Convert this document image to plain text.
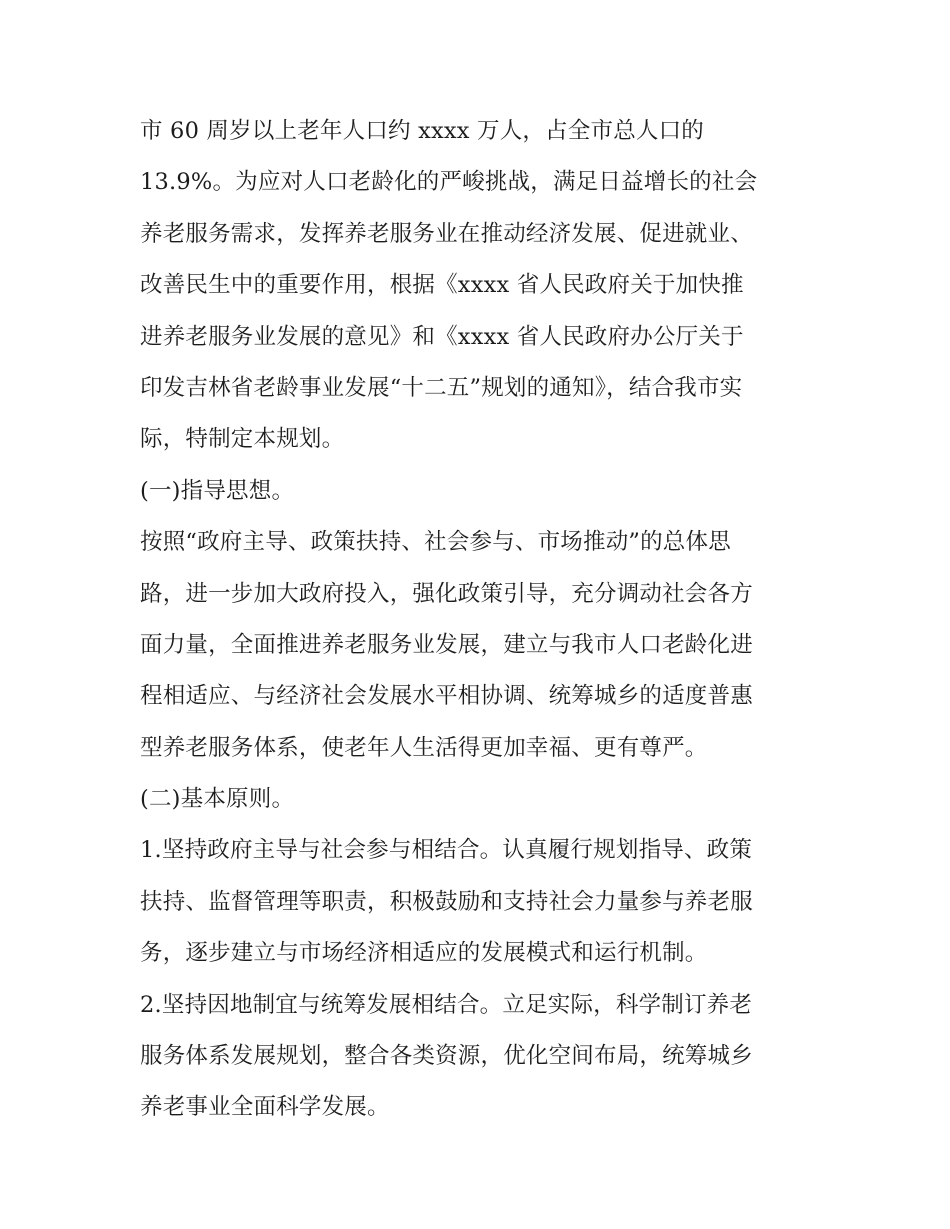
市 60 周岁以上老年人口约 xxxx 万人，占全市总人口的
13.9%。为应对人口老龄化的严峻挑战，满足日益增长的社会
养老服务需求，发挥养老服务业在推动经济发展、促进就业、
改善民生中的重要作用，根据《xxxx 省人民政府关于加快推
进养老服务业发展的意见》和《xxxx 省人民政府办公厅关于
印发吉林省老龄事业发展“十二五”规划的通知》，结合我市实
际，特制定本规划。
(一)指导思想。
按照“政府主导、政策扶持、社会参与、市场推动”的总体思
路，进一步加大政府投入，强化政策引导，充分调动社会各方
面力量，全面推进养老服务业发展，建立与我市人口老龄化进
程相适应、与经济社会发展水平相协调、统筹城乡的适度普惠
型养老服务体系，使老年人生活得更加幸福、更有尊严。
(二)基本原则。
1.坚持政府主导与社会参与相结合。认真履行规划指导、政策
扶持、监督管理等职责，积极鼓励和支持社会力量参与养老服
务，逐步建立与市场经济相适应的发展模式和运行机制。
2.坚持因地制宜与统筹发展相结合。立足实际，科学制订养老
服务体系发展规划，整合各类资源，优化空间布局，统筹城乡
养老事业全面科学发展。
